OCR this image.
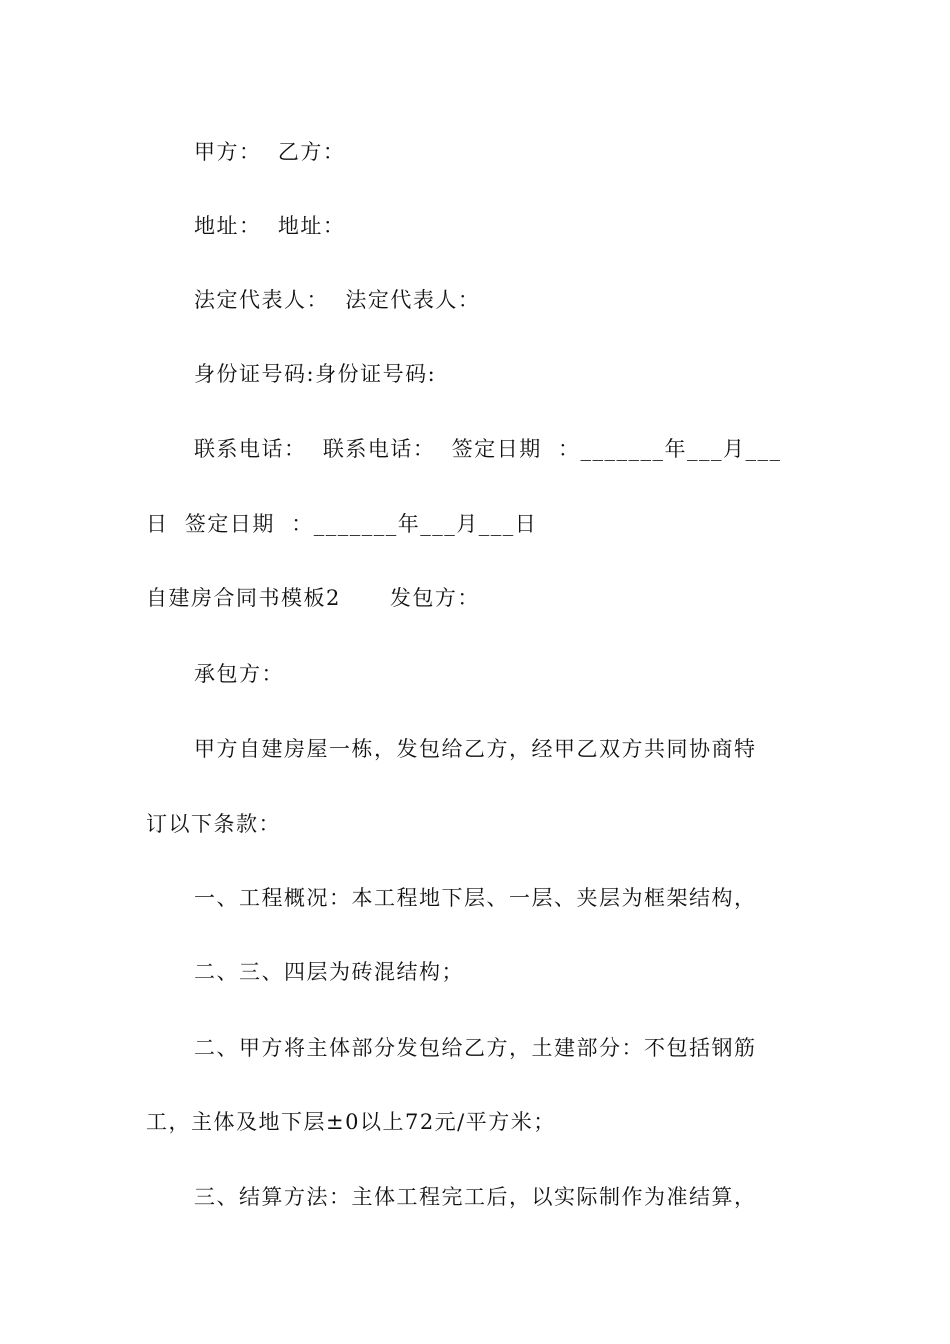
甲方：  乙方：
地址：  地址：
法定代表人：  法定代表人：
身份证号码:身份证号码:
联系电话：  联系电话：  签定日期  ：_______年___月___
日  签定日期  ：_______年___月___日
自建房合同书模板2      发包方：
承包方：
甲方自建房屋一栋，发包给乙方，经甲乙双方共同协商特
订以下条款：
一、工程概况：本工程地下层、一层、夹层为框架结构，
二、三、四层为砖混结构；
二、甲方将主体部分发包给乙方，土建部分：不包括钢筋
工，主体及地下层±0以上72元/平方米；
三、结算方法：主体工程完工后，以实际制作为准结算，
